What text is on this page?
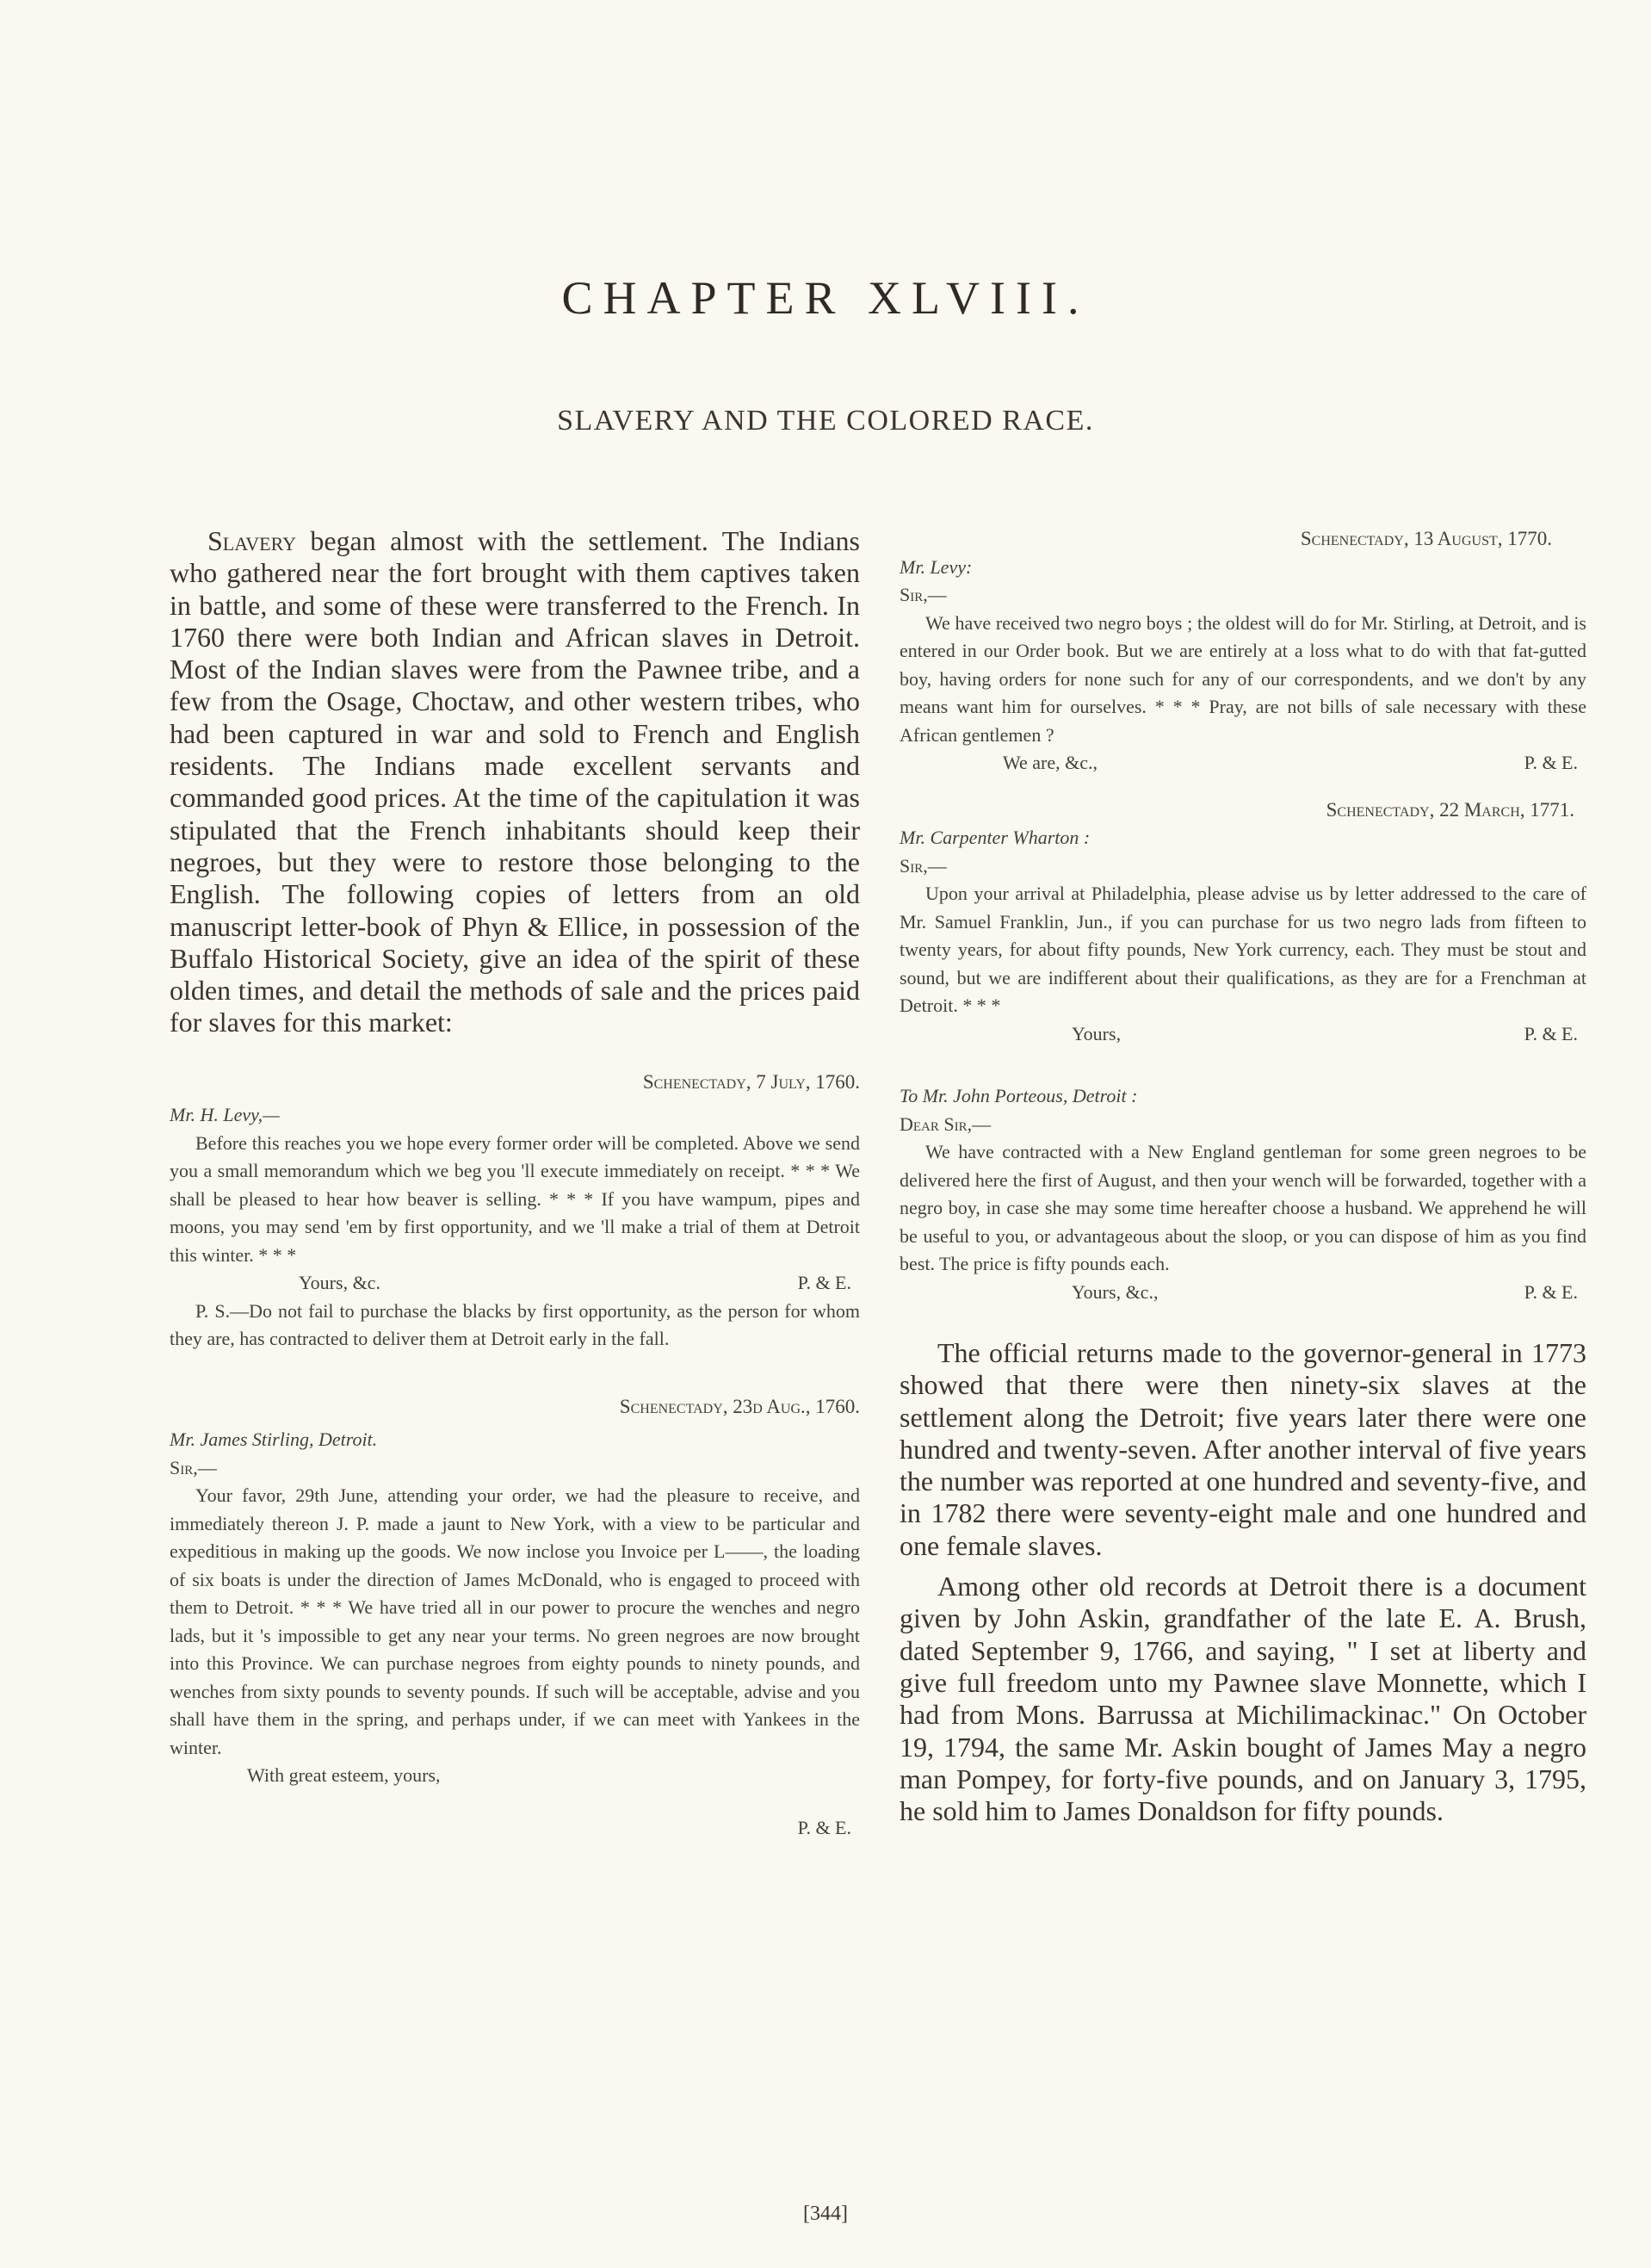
CHAPTER XLVIII.
SLAVERY AND THE COLORED RACE.

Slavery began almost with the settlement. The Indians who gathered near the fort brought with them captives taken in battle, and some of these were transferred to the French. In 1760 there were both Indian and African slaves in Detroit. Most of the Indian slaves were from the Pawnee tribe, and a few from the Osage, Choctaw, and other western tribes, who had been captured in war and sold to French and English residents. The Indians made excellent servants and commanded good prices. At the time of the capitulation it was stipulated that the French inhabitants should keep their negroes, but they were to restore those belonging to the English. The following copies of letters from an old manuscript letter-book of Phyn & Ellice, in possession of the Buffalo Historical Society, give an idea of the spirit of these olden times, and detail the methods of sale and the prices paid for slaves for this market:

Schenectady, 7 July, 1760.

Mr. H. Levy,—

Before this reaches you we hope every former order will be completed. Above we send you a small memorandum which we beg you 'll execute immediately on receipt. * * * We shall be pleased to hear how beaver is selling. * * * If you have wampum, pipes and moons, you may send 'em by first opportunity, and we 'll make a trial of them at Detroit this winter. * * *

Yours, &c.	P. & E.

P. S.—Do not fail to purchase the blacks by first opportunity, as the person for whom they are, has contracted to deliver them at Detroit early in the fall.

Schenectady, 23d Aug., 1760.

Mr. James Stirling, Detroit.

Sir,—

Your favor, 29th June, attending your order, we had the pleasure to receive, and immediately thereon J. P. made a jaunt to New York, with a view to be particular and expeditious in making up the goods. We now inclose you Invoice per L——, the loading of six boats is under the direction of James McDonald, who is engaged to proceed with them to Detroit. * * * We have tried all in our power to procure the wenches and negro lads, but it 's impossible to get any near your terms. No green negroes are now brought into this Province. We can purchase negroes from eighty pounds to ninety pounds, and wenches from sixty pounds to seventy pounds. If such will be acceptable, advise and you shall have them in the spring, and perhaps under, if we can meet with Yankees in the winter.

With great esteem, yours,

P. & E.

Schenectady, 13 August, 1770.

Mr. Levy:

Sir,—

We have received two negro boys ; the oldest will do for Mr. Stirling, at Detroit, and is entered in our Order book. But we are entirely at a loss what to do with that fat-gutted boy, having orders for none such for any of our correspondents, and we don't by any means want him for ourselves. * * * Pray, are not bills of sale necessary with these African gentlemen ?

We are, &c.,	P. & E.

Schenectady, 22 March, 1771.

Mr. Carpenter Wharton :

Sir,—

Upon your arrival at Philadelphia, please advise us by letter addressed to the care of Mr. Samuel Franklin, Jun., if you can purchase for us two negro lads from fifteen to twenty years, for about fifty pounds, New York currency, each. They must be stout and sound, but we are indifferent about their qualifications, as they are for a Frenchman at Detroit. * * *

Yours,	P. & E.

To Mr. John Porteous, Detroit :

Dear Sir,—

We have contracted with a New England gentleman for some green negroes to be delivered here the first of August, and then your wench will be forwarded, together with a negro boy, in case she may some time hereafter choose a husband. We apprehend he will be useful to you, or advantageous about the sloop, or you can dispose of him as you find best. The price is fifty pounds each.

Yours, &c.,	P. & E.

The official returns made to the governor-general in 1773 showed that there were then ninety-six slaves at the settlement along the Detroit; five years later there were one hundred and twenty-seven. After another interval of five years the number was reported at one hundred and seventy-five, and in 1782 there were seventy-eight male and one hundred and one female slaves.

Among other old records at Detroit there is a document given by John Askin, grandfather of the late E. A. Brush, dated September 9, 1766, and saying, " I set at liberty and give full freedom unto my Pawnee slave Monnette, which I had from Mons. Barrussa at Michilimackinac." On October 19, 1794, the same Mr. Askin bought of James May a negro man Pompey, for forty-five pounds, and on January 3, 1795, he sold him to James Donaldson for fifty pounds.

[344]
